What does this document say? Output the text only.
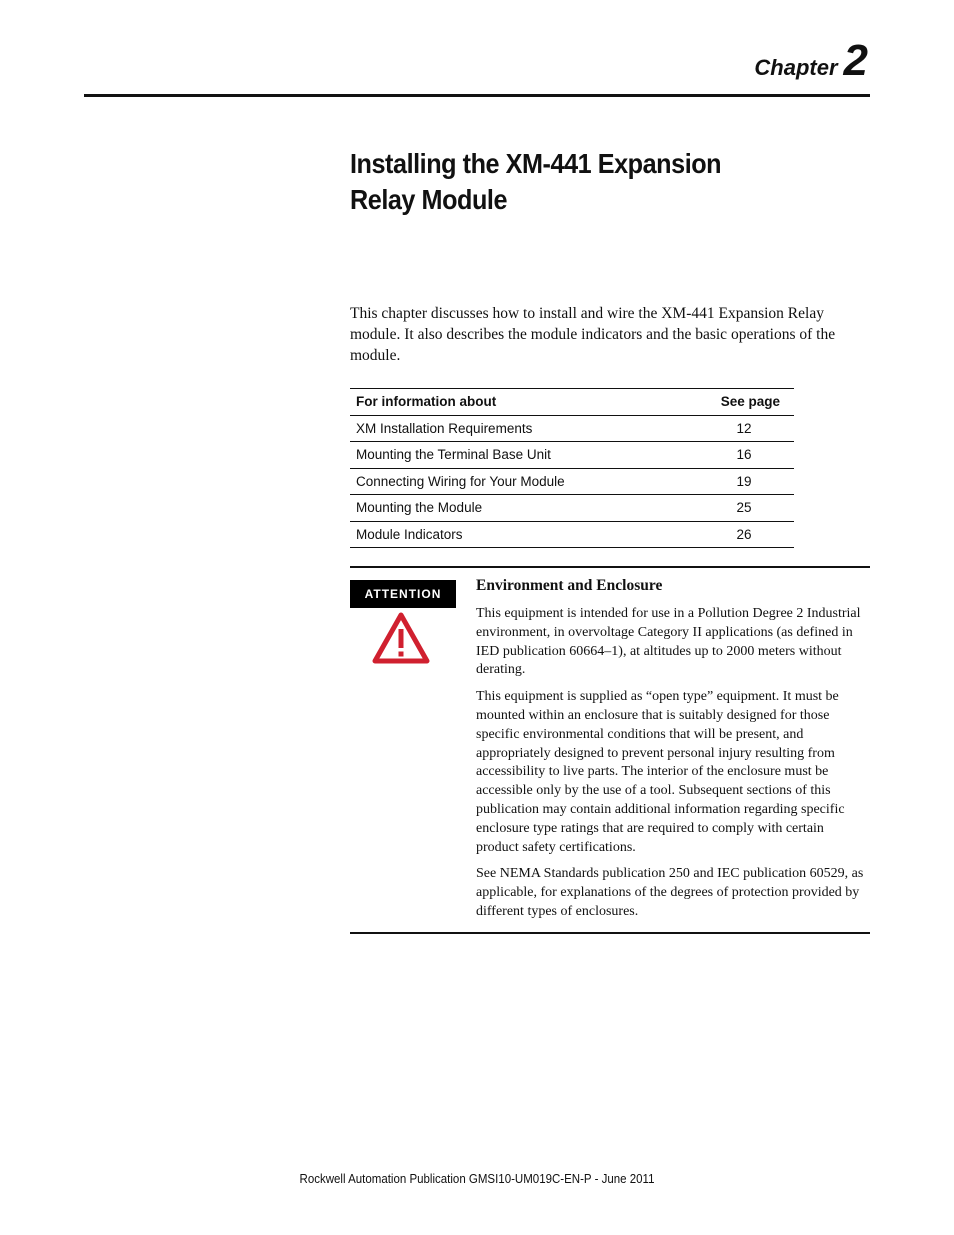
Chapter 2
Installing the XM-441 Expansion Relay Module

This chapter discusses how to install and wire the XM-441 Expansion Relay module. It also describes the module indicators and the basic operations of the module.

For information about	See page
XM Installation Requirements	12
Mounting the Terminal Base Unit	16
Connecting Wiring for Your Module	19
Mounting the Module	25
Module Indicators	26
ATTENTION	Environment and Enclosure

This equipment is intended for use in a Pollution Degree 2 Industrial environment, in overvoltage Category II applications (as defined in IED publication 60664–1), at altitudes up to 2000 meters without derating.

This equipment is supplied as “open type” equipment. It must be mounted within an enclosure that is suitably designed for those specific environmental conditions that will be present, and appropriately designed to prevent personal injury resulting from accessibility to live parts. The interior of the enclosure must be accessible only by the use of a tool. Subsequent sections of this publication may contain additional information regarding specific enclosure type ratings that are required to comply with certain product safety certifications.

See NEMA Standards publication 250 and IEC publication 60529, as applicable, for explanations of the degrees of protection provided by different types of enclosures.

Rockwell Automation Publication GMSI10-UM019C-EN-P - June 2011
